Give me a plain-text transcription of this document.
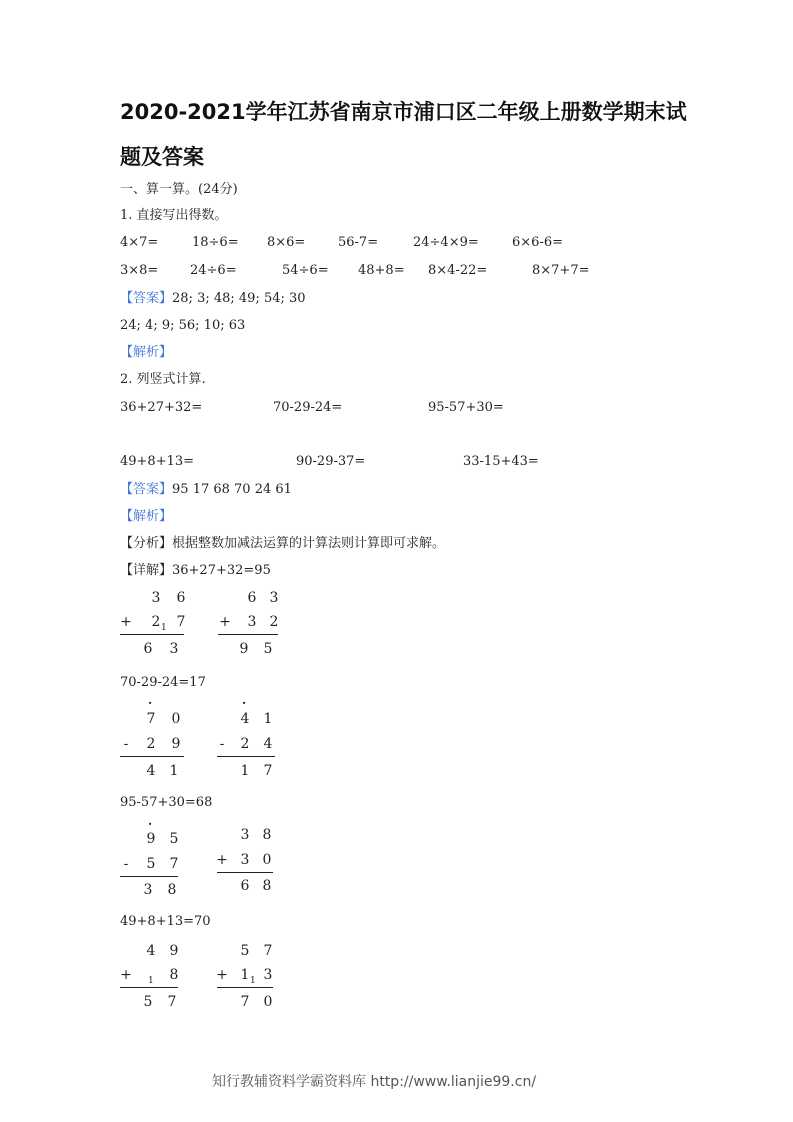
2020-2021学年江苏省南京市浦口区二年级上册数学期末试
题及答案
一、算一算。(24分)
1. 直接写出得数。
4×7=	18÷6= 8×6=	56-7=	24÷4×9=	6×6-6=
3×8= 24÷6=	54÷6= 48+8= 8×4-22=	8×7+7=
【答案】28; 3; 48; 49; 54; 30
24; 4; 9; 56; 10; 63
【解析】
2. 列竖式计算.
36+27+32=	70-29-24=	95-57+30=
49+8+13=	90-29-37=	33-15+43=
【答案】95 17 68 70 24 61
【解析】
【分析】根据整数加减法运算的计算法则计算即可求解。
【详解】36+27+32=95
3 6
+ 2 1 7
6 3
6 3
+ 3 2
9 5
70-29-24=17
·
7 0
-	2 9
4 1
·
4 1
-	2 4
1 7
95-57+30=68
·
9 5
-	5 7
3 8
3 8
+ 3 0
6 8
49+8+13=70
4 9
+ 1 8
5 7
5 7
+ 1 1 3
7 0
知行教辅资料学霸资料库 http://www.lianjie99.cn/
